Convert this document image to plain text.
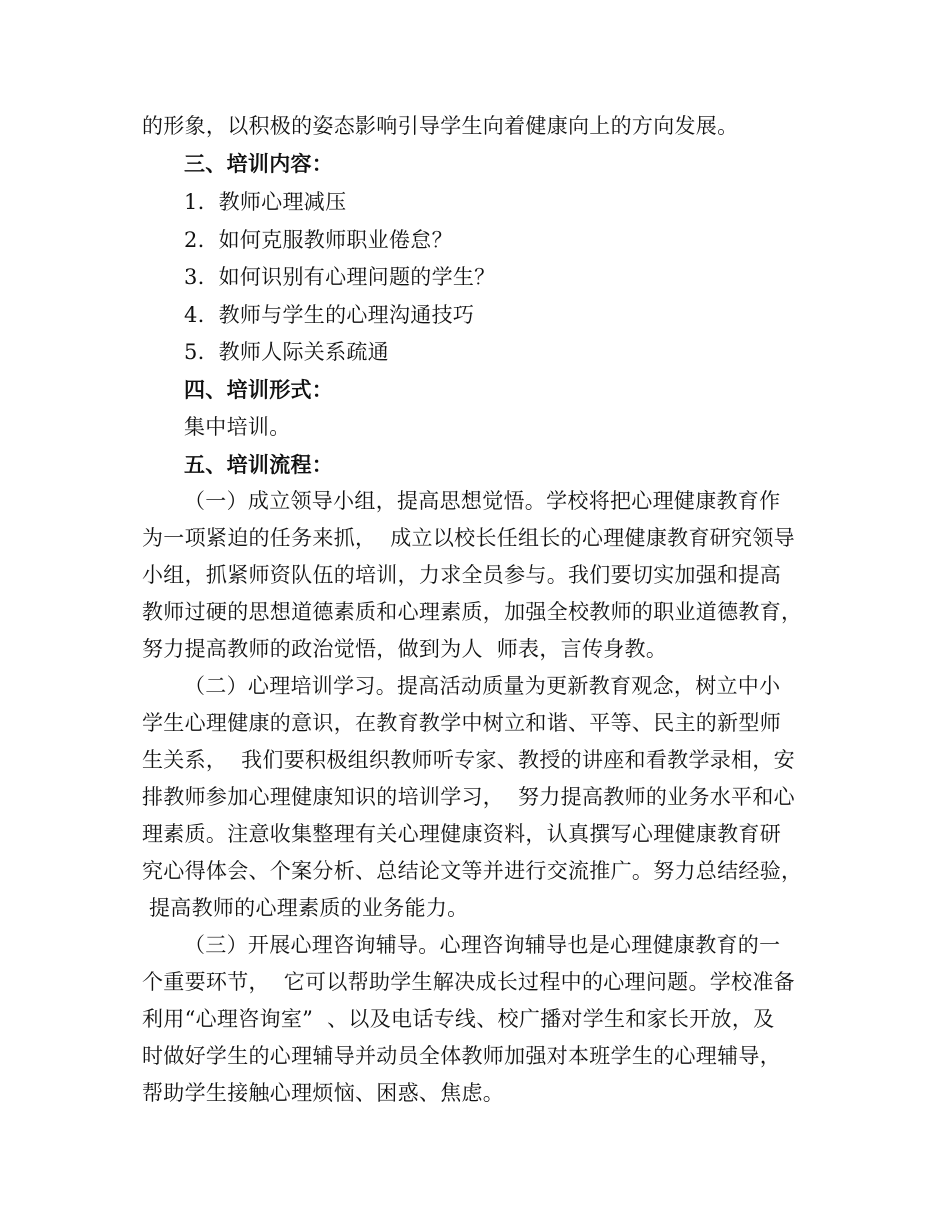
的形象，以积极的姿态影响引导学生向着健康向上的方向发展。
三、培训内容：
1.  教师心理减压
2.  如何克服教师职业倦怠？
3.  如何识别有心理问题的学生？
4.  教师与学生的心理沟通技巧
5.  教师人际关系疏通
四、培训形式：
集中培训。
五、培训流程：
（一）成立领导小组，提高思想觉悟。学校将把心理健康教育作
为一项紧迫的任务来抓，  成立以校长任组长的心理健康教育研究领导
小组，抓紧师资队伍的培训，力求全员参与。我们要切实加强和提高
教师过硬的思想道德素质和心理素质，加强全校教师的职业道德教育，
努力提高教师的政治觉悟，做到为人  师表，言传身教。
（二）心理培训学习。提高活动质量为更新教育观念，树立中小
学生心理健康的意识，在教育教学中树立和谐、平等、民主的新型师
生关系，  我们要积极组织教师听专家、教授的讲座和看教学录相，安
排教师参加心理健康知识的培训学习，  努力提高教师的业务水平和心
理素质。注意收集整理有关心理健康资料，认真撰写心理健康教育研
究心得体会、个案分析、总结论文等并进行交流推广。努力总结经验，
提高教师的心理素质的业务能力。
（三）开展心理咨询辅导。心理咨询辅导也是心理健康教育的一
个重要环节，  它可以帮助学生解决成长过程中的心理问题。学校准备
利用“心理咨询室”  、以及电话专线、校广播对学生和家长开放，及
时做好学生的心理辅导并动员全体教师加强对本班学生的心理辅导，
帮助学生接触心理烦恼、困惑、焦虑。
